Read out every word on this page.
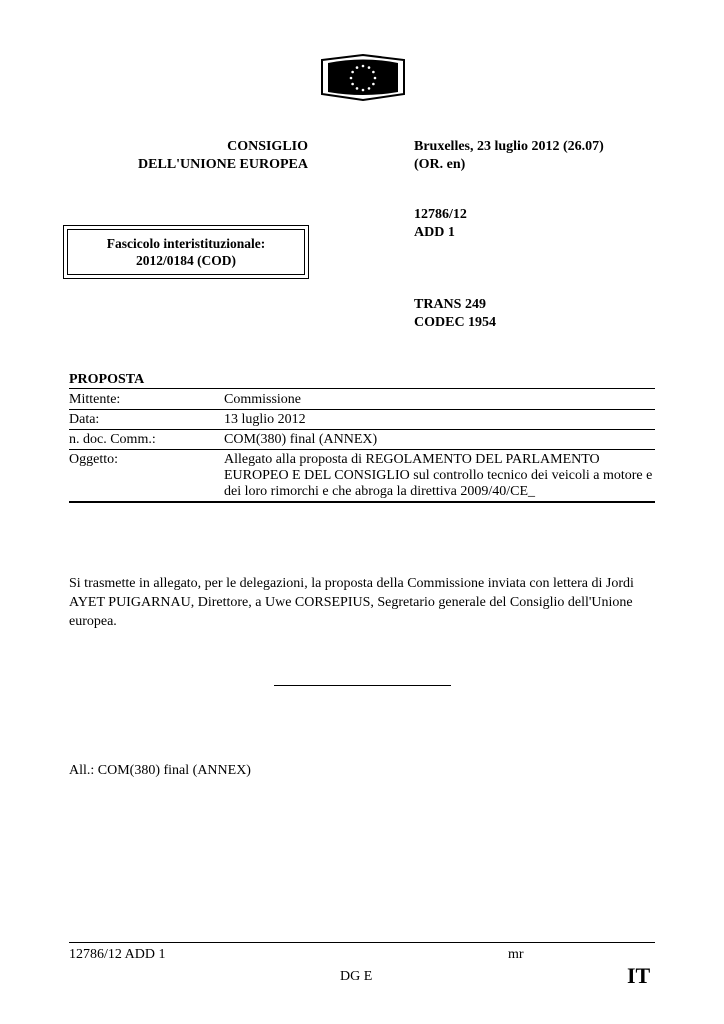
CONSIGLIO
DELL'UNIONE EUROPEA
Bruxelles, 23 luglio 2012 (26.07)
(OR. en)
12786/12
ADD 1
TRANS 249
CODEC 1954
Fascicolo interistituzionale:
2012/0184 (COD)
PROPOSTA
Mittente:	Commissione
Data:	13 luglio 2012
n. doc. Comm.:	COM(380) final (ANNEX)
Oggetto:	Allegato alla proposta di REGOLAMENTO DEL PARLAMENTO EUROPEO E DEL CONSIGLIO sul controllo tecnico dei veicoli a motore e dei loro rimorchi e che abroga la direttiva 2009/40/CE_
Si trasmette in allegato, per le delegazioni, la proposta della Commissione inviata con lettera di Jordi AYET PUIGARNAU, Direttore, a Uwe CORSEPIUS, Segretario generale del Consiglio dell'Unione europea.
All.: COM(380) final (ANNEX)
12786/12 ADD 1	mr
DG E	IT
